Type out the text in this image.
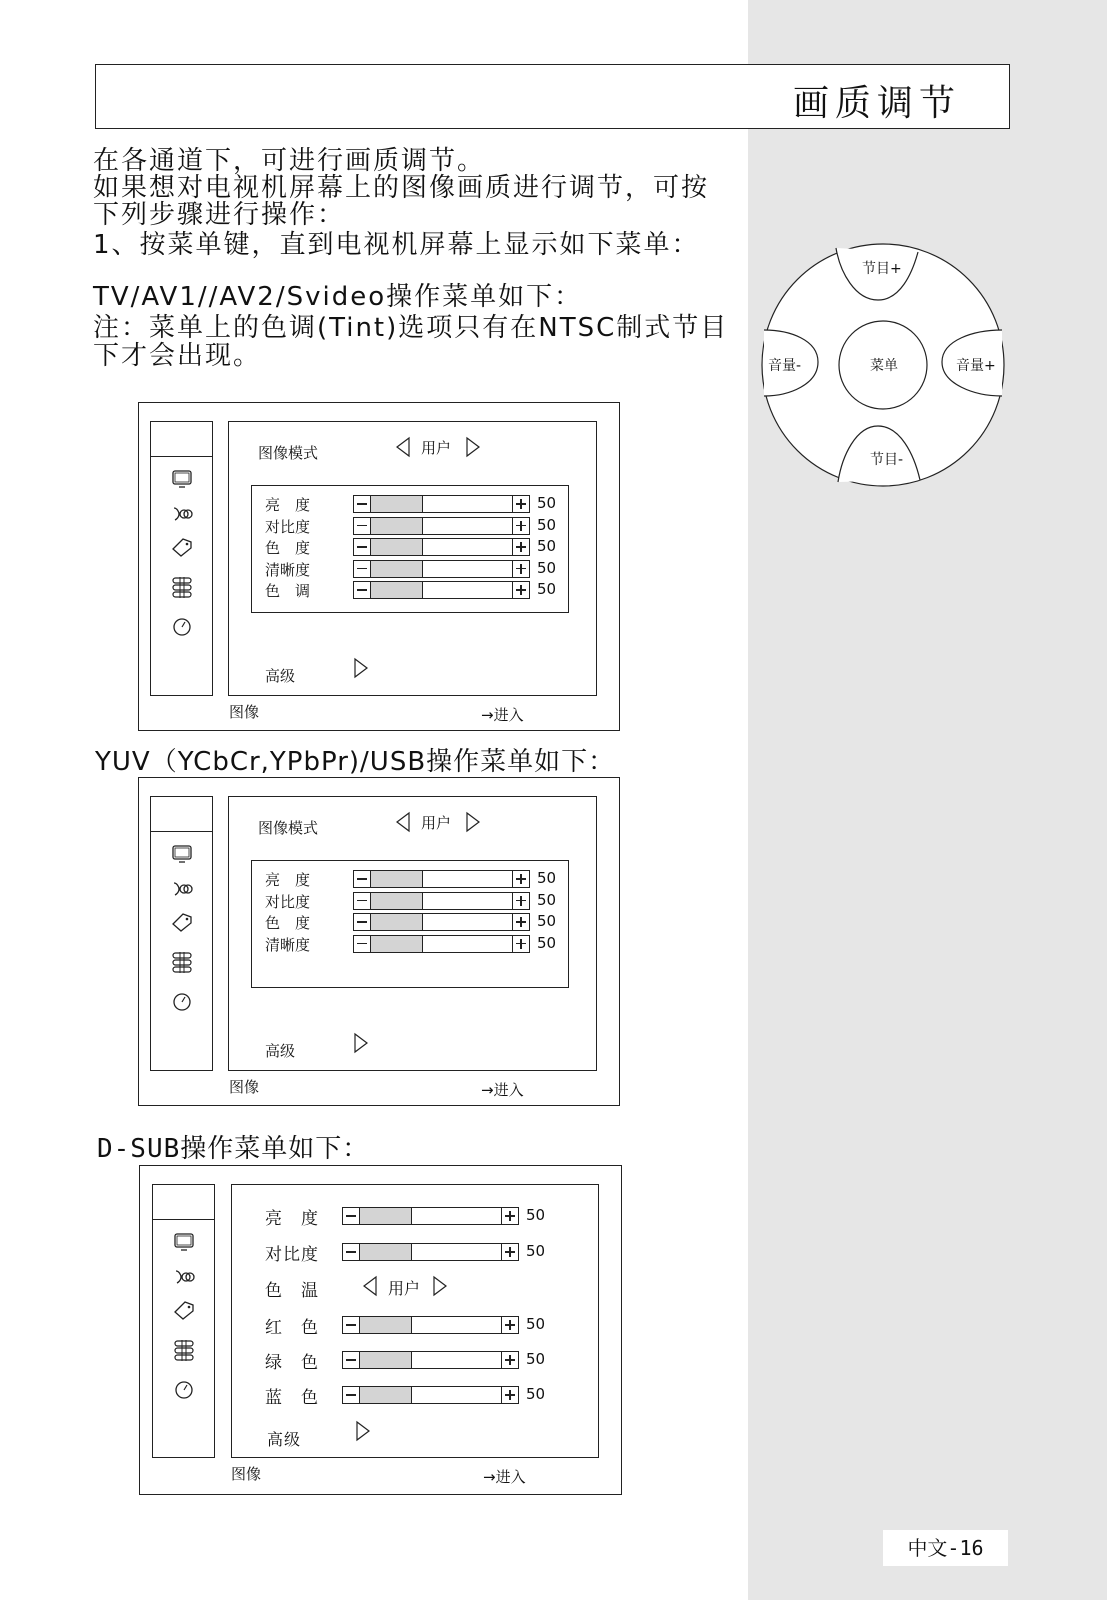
画质调节
在各通道下，可进行画质调节。
如果想对电视机屏幕上的图像画质进行调节，可按
下列步骤进行操作：
1、按菜单键，直到电视机屏幕上显示如下菜单：
TV/AV1//AV2/Svideo操作菜单如下：
注：菜单上的色调(Tint)选项只有在NTSC制式节目
下才会出现。
节目+
节目-
音量-	音量+
菜单
图像模式	用户
亮　度	50
对比度	50
色　度	50
清晰度	50
色　调	50
高级
图像	→进入
YUV（YCbCr,YPbPr)/USB操作菜单如下：
图像模式	用户
亮　度	50
对比度	50
色　度	50
清晰度	50
高级
图像	→进入
D-SUB操作菜单如下：
高级
亮　度	50
对比度	50
色　温	用户
红　色	50
绿　色	50
蓝　色	50
图像	→进入
中文-16
